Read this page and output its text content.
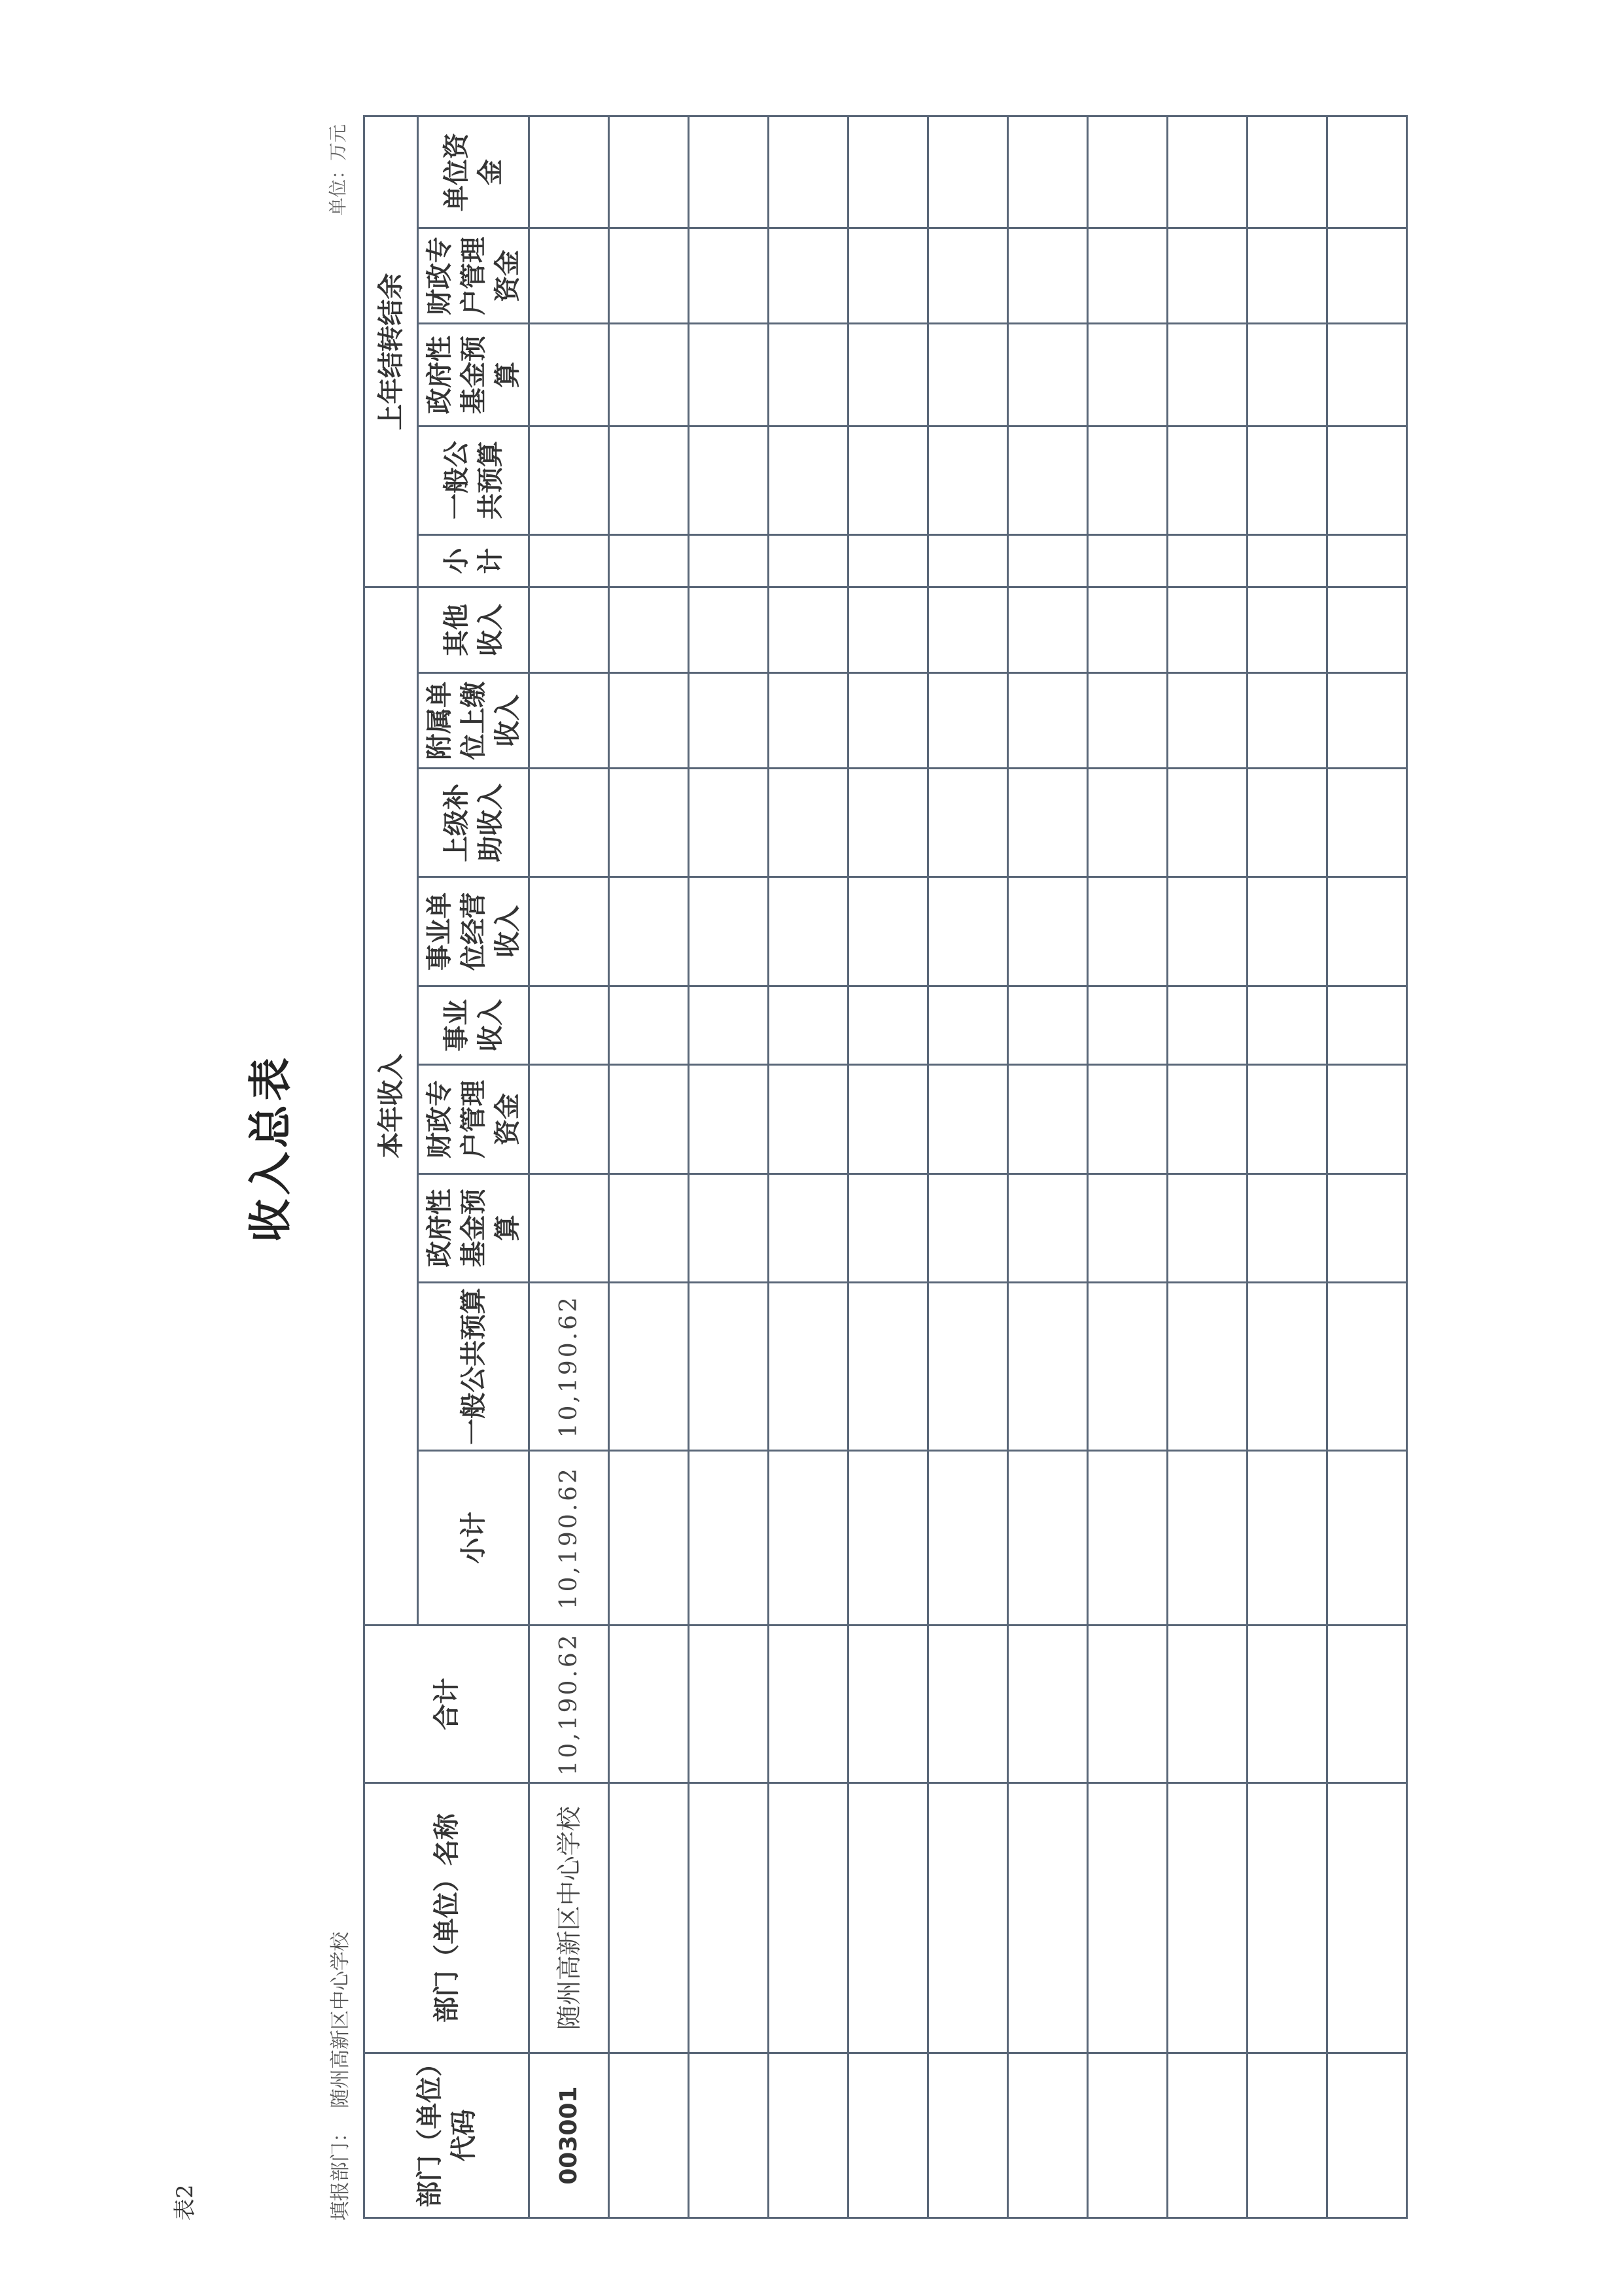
表2
收入总表
填报部门：随州高新区中心学校
单位：万元
部门（单位）代码	部门（单位）名称	合计	本年收入									上年结转结余				
			小计	一般公共预算	政府性基金预算	财政专户管理资金	事业收入	事业单位经营收入	上级补助收入	附属单位上缴收入	其他收入	小计	一般公共预算	政府性基金预算	财政专户管理资金	单位资金
003001	随州高新区中心学校	10,190.62	10,190.62	10,190.62												
